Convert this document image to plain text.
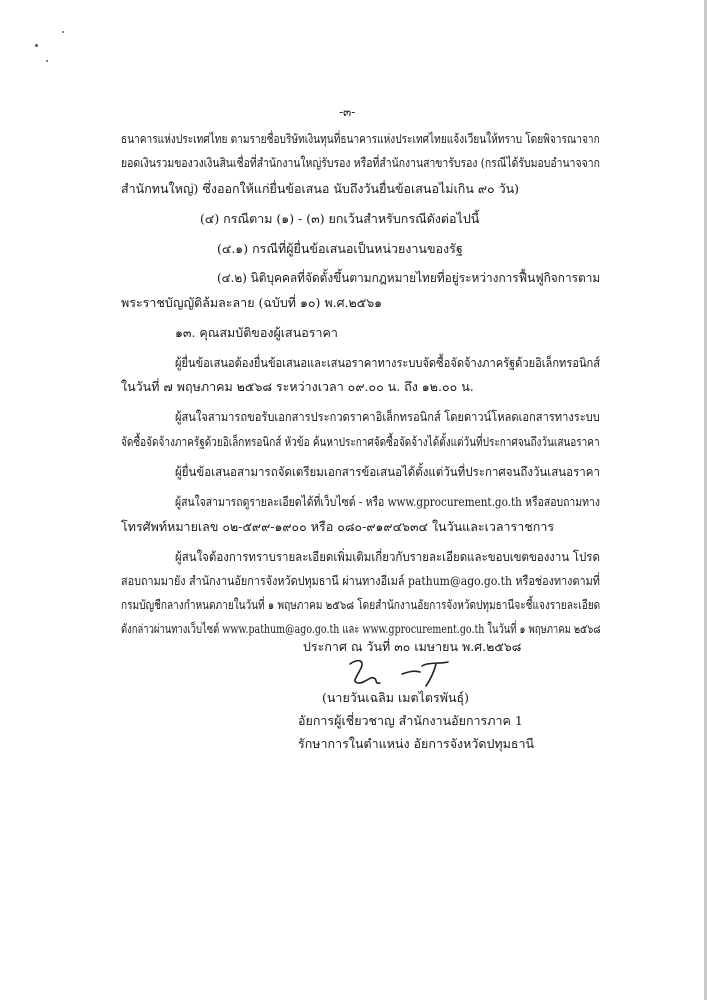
-๓-
ธนาคารแห่งประเทศไทย ตามรายชื่อบริษัทเงินทุนที่ธนาคารแห่งประเทศไทยแจ้งเวียนให้ทราบ โดยพิจารณาจาก
ยอดเงินรวมของวงเงินสินเชื่อที่สำนักงานใหญ่รับรอง หรือที่สำนักงานสาขารับรอง (กรณีได้รับมอบอำนาจจาก
สำนักทนใหญ่) ซึ่งออกให้แก่ยื่นข้อเสนอ นับถึงวันยื่นข้อเสนอไม่เกิน ๙๐ วัน)
(๔) กรณีตาม (๑) - (๓) ยกเว้นสำหรับกรณีดังต่อไปนี้
(๔.๑) กรณีที่ผู้ยื่นข้อเสนอเป็นหน่วยงานของรัฐ
(๔.๒) นิติบุคคลที่จัดตั้งขึ้นตามกฎหมายไทยที่อยู่ระหว่างการฟื้นฟูกิจการตาม
พระราชบัญญัติล้มละลาย (ฉบับที่ ๑๐) พ.ศ.๒๕๖๑
๑๓. คุณสมบัติของผู้เสนอราคา
ผู้ยื่นข้อเสนอต้องยื่นข้อเสนอและเสนอราคาทางระบบจัดซื้อจัดจ้างภาครัฐด้วยอิเล็กทรอนิกส์
ในวันที่ ๗ พฤษภาคม ๒๕๖๘ ระหว่างเวลา ๐๙.๐๐ น. ถึง ๑๒.๐๐ น.
ผู้สนใจสามารถขอรับเอกสารประกวดราคาอิเล็กทรอนิกส์ โดยดาวน์โหลดเอกสารทางระบบ
จัดซื้อจัดจ้างภาครัฐด้วยอิเล็กทรอนิกส์ หัวข้อ ค้นหาประกาศจัดซื้อจัดจ้างได้ตั้งแต่วันที่ประกาศจนถึงวันเสนอราคา
ผู้ยื่นข้อเสนอสามารถจัดเตรียมเอกสารข้อเสนอได้ตั้งแต่วันที่ประกาศจนถึงวันเสนอราคา
ผู้สนใจสามารถดูรายละเอียดได้ที่เว็บไซต์ - หรือ www.gprocurement.go.th หรือสอบถามทาง
โทรศัพท์หมายเลข ๐๒-๕๙๙-๑๙๐๐ หรือ ๐๘๐-๙๑๙๔๖๓๔ ในวันและเวลาราชการ
ผู้สนใจต้องการทราบรายละเอียดเพิ่มเติมเกี่ยวกับรายละเอียดและขอบเขตของงาน โปรด
สอบถามมายัง สำนักงานอัยการจังหวัดปทุมธานี ผ่านทางอีเมล์ pathum@ago.go.th หรือช่องทางตามที่
กรมบัญชีกลางกำหนดภายในวันที่ ๑ พฤษภาคม ๒๕๖๘ โดยสำนักงานอัยการจังหวัดปทุมธานีจะชี้แจงรายละเอียด
ดังกล่าวผ่านทางเว็บไซต์ www.pathum@ago.go.th และ www.gprocurement.go.th ในวันที่ ๑ พฤษภาคม ๒๕๖๘
ประกาศ ณ วันที่ ๓๐ เมษายน พ.ศ.๒๕๖๘
(นายวันเฉลิม เมตไตรพันธุ์)
อัยการผู้เชี่ยวชาญ สำนักงานอัยการภาค 1
รักษาการในตำแหน่ง อัยการจังหวัดปทุมธานี
